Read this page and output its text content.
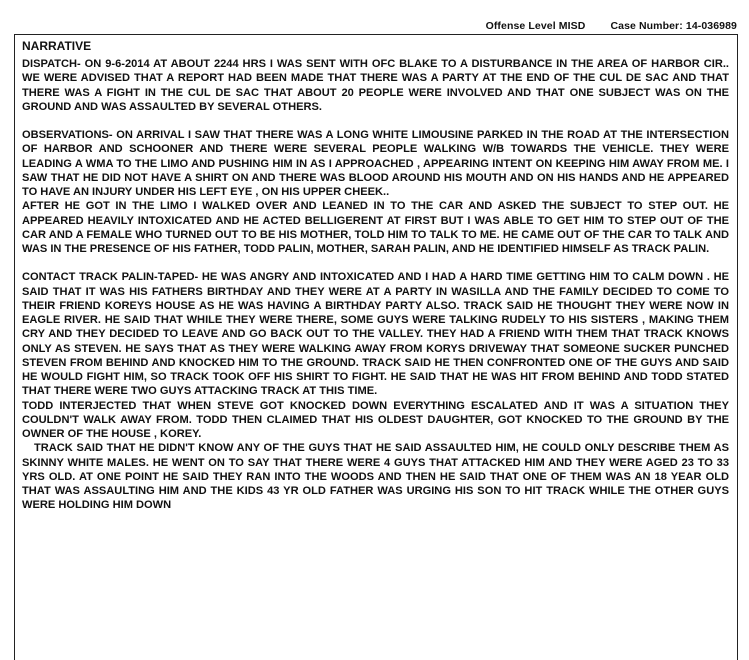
Offense Level MISD Case Number: 14-036989
NARRATIVE

DISPATCH- ON 9-6-2014 AT ABOUT 2244 HRS I WAS SENT WITH OFC BLAKE TO A DISTURBANCE IN THE AREA OF HARBOR CIR.. WE WERE ADVISED THAT A REPORT HAD BEEN MADE THAT THERE WAS A PARTY AT THE END OF THE CUL DE SAC AND THAT THERE WAS A FIGHT IN THE CUL DE SAC THAT ABOUT 20 PEOPLE WERE INVOLVED AND THAT ONE SUBJECT WAS ON THE GROUND AND WAS ASSAULTED BY SEVERAL OTHERS.

OBSERVATIONS- ON ARRIVAL I SAW THAT THERE WAS A LONG WHITE LIMOUSINE PARKED IN THE ROAD AT THE INTERSECTION OF HARBOR AND SCHOONER AND THERE WERE SEVERAL PEOPLE WALKING W/B TOWARDS THE VEHICLE. THEY WERE LEADING A WMA TO THE LIMO AND PUSHING HIM IN AS I APPROACHED , APPEARING INTENT ON KEEPING HIM AWAY FROM ME. I SAW THAT HE DID NOT HAVE A SHIRT ON AND THERE WAS BLOOD AROUND HIS MOUTH AND ON HIS HANDS AND HE APPEARED TO HAVE AN INJURY UNDER HIS LEFT EYE , ON HIS UPPER CHEEK..

AFTER HE GOT IN THE LIMO I WALKED OVER AND LEANED IN TO THE CAR AND ASKED THE SUBJECT TO STEP OUT. HE APPEARED HEAVILY INTOXICATED AND HE ACTED BELLIGERENT AT FIRST BUT I WAS ABLE TO GET HIM TO STEP OUT OF THE CAR AND A FEMALE WHO TURNED OUT TO BE HIS MOTHER, TOLD HIM TO TALK TO ME. HE CAME OUT OF THE CAR TO TALK AND WAS IN THE PRESENCE OF HIS FATHER, TODD PALIN, MOTHER, SARAH PALIN, AND HE IDENTIFIED HIMSELF AS TRACK PALIN.

CONTACT TRACK PALIN-TAPED- HE WAS ANGRY AND INTOXICATED AND I HAD A HARD TIME GETTING HIM TO CALM DOWN . HE SAID THAT IT WAS HIS FATHERS BIRTHDAY AND THEY WERE AT A PARTY IN WASILLA AND THE FAMILY DECIDED TO COME TO THEIR FRIEND KOREYS HOUSE AS HE WAS HAVING A BIRTHDAY PARTY ALSO. TRACK SAID HE THOUGHT THEY WERE NOW IN EAGLE RIVER. HE SAID THAT WHILE THEY WERE THERE, SOME GUYS WERE TALKING RUDELY TO HIS SISTERS , MAKING THEM CRY AND THEY DECIDED TO LEAVE AND GO BACK OUT TO THE VALLEY. THEY HAD A FRIEND WITH THEM THAT TRACK KNOWS ONLY AS STEVEN. HE SAYS THAT AS THEY WERE WALKING AWAY FROM KORYS DRIVEWAY THAT SOMEONE SUCKER PUNCHED STEVEN FROM BEHIND AND KNOCKED HIM TO THE GROUND. TRACK SAID HE THEN CONFRONTED ONE OF THE GUYS AND SAID HE WOULD FIGHT HIM, SO TRACK TOOK OFF HIS SHIRT TO FIGHT. HE SAID THAT HE WAS HIT FROM BEHIND AND TODD STATED THAT THERE WERE TWO GUYS ATTACKING TRACK AT THIS TIME.

TODD INTERJECTED THAT WHEN STEVE GOT KNOCKED DOWN EVERYTHING ESCALATED AND IT WAS A SITUATION THEY COULDN'T WALK AWAY FROM. TODD THEN CLAIMED THAT HIS OLDEST DAUGHTER, GOT KNOCKED TO THE GROUND BY THE OWNER OF THE HOUSE , KOREY.

TRACK SAID THAT HE DIDN'T KNOW ANY OF THE GUYS THAT HE SAID ASSAULTED HIM, HE COULD ONLY DESCRIBE THEM AS SKINNY WHITE MALES. HE WENT ON TO SAY THAT THERE WERE 4 GUYS THAT ATTACKED HIM AND THEY WERE AGED 23 TO 33 YRS OLD. AT ONE POINT HE SAID THEY RAN INTO THE WOODS AND THEN HE SAID THAT ONE OF THEM WAS AN 18 YEAR OLD THAT WAS ASSAULTING HIM AND THE KIDS 43 YR OLD FATHER WAS URGING HIS SON TO HIT TRACK WHILE THE OTHER GUYS WERE HOLDING HIM DOWN
